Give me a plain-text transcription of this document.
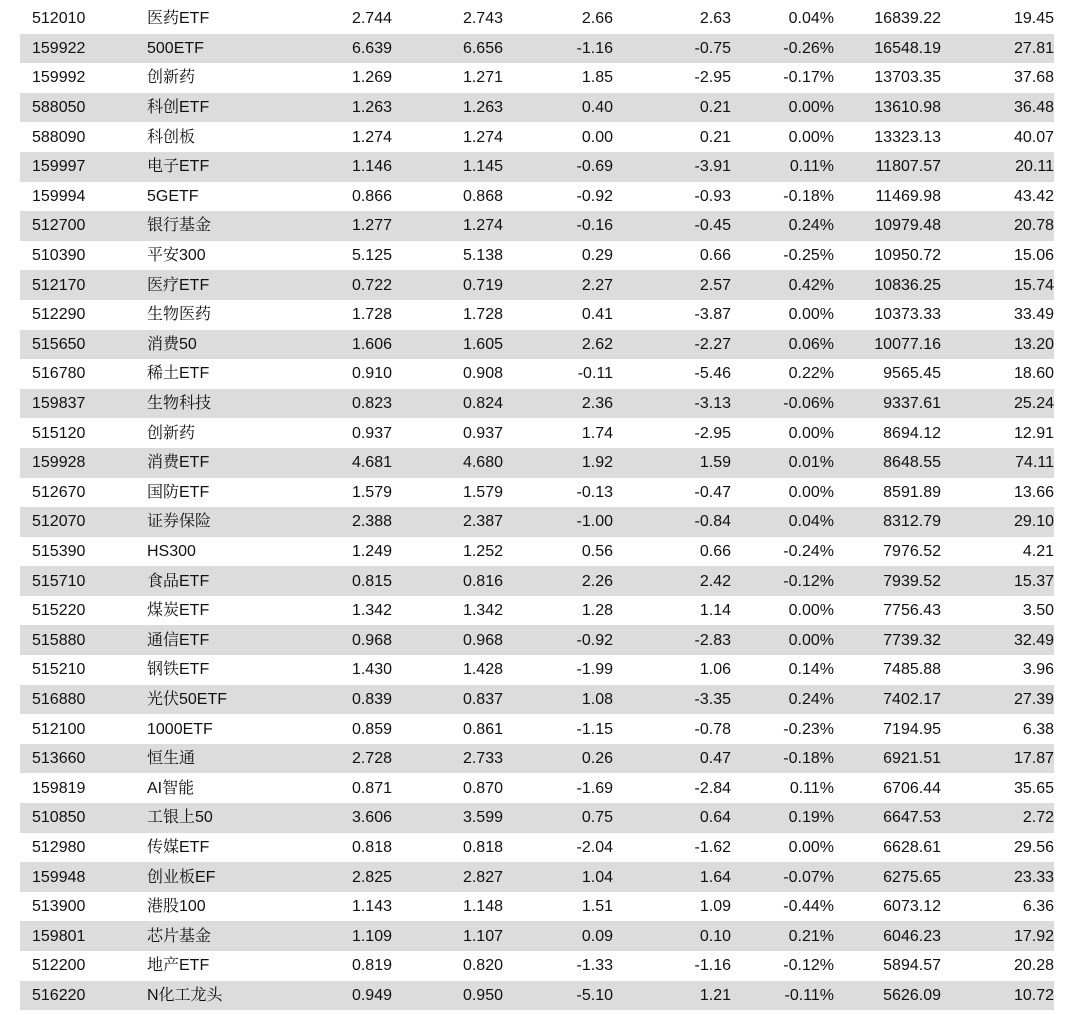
512010	医药ETF	2.744	2.743	2.66	2.63	0.04%	16839.22	19.45
159922	500ETF	6.639	6.656	-1.16	-0.75	-0.26%	16548.19	27.81
159992	创新药	1.269	1.271	1.85	-2.95	-0.17%	13703.35	37.68
588050	科创ETF	1.263	1.263	0.40	0.21	0.00%	13610.98	36.48
588090	科创板	1.274	1.274	0.00	0.21	0.00%	13323.13	40.07
159997	电子ETF	1.146	1.145	-0.69	-3.91	0.11%	11807.57	20.11
159994	5GETF	0.866	0.868	-0.92	-0.93	-0.18%	11469.98	43.42
512700	银行基金	1.277	1.274	-0.16	-0.45	0.24%	10979.48	20.78
510390	平安300	5.125	5.138	0.29	0.66	-0.25%	10950.72	15.06
512170	医疗ETF	0.722	0.719	2.27	2.57	0.42%	10836.25	15.74
512290	生物医药	1.728	1.728	0.41	-3.87	0.00%	10373.33	33.49
515650	消费50	1.606	1.605	2.62	-2.27	0.06%	10077.16	13.20
516780	稀土ETF	0.910	0.908	-0.11	-5.46	0.22%	9565.45	18.60
159837	生物科技	0.823	0.824	2.36	-3.13	-0.06%	9337.61	25.24
515120	创新药	0.937	0.937	1.74	-2.95	0.00%	8694.12	12.91
159928	消费ETF	4.681	4.680	1.92	1.59	0.01%	8648.55	74.11
512670	国防ETF	1.579	1.579	-0.13	-0.47	0.00%	8591.89	13.66
512070	证券保险	2.388	2.387	-1.00	-0.84	0.04%	8312.79	29.10
515390	HS300	1.249	1.252	0.56	0.66	-0.24%	7976.52	4.21
515710	食品ETF	0.815	0.816	2.26	2.42	-0.12%	7939.52	15.37
515220	煤炭ETF	1.342	1.342	1.28	1.14	0.00%	7756.43	3.50
515880	通信ETF	0.968	0.968	-0.92	-2.83	0.00%	7739.32	32.49
515210	钢铁ETF	1.430	1.428	-1.99	1.06	0.14%	7485.88	3.96
516880	光伏50ETF	0.839	0.837	1.08	-3.35	0.24%	7402.17	27.39
512100	1000ETF	0.859	0.861	-1.15	-0.78	-0.23%	7194.95	6.38
513660	恒生通	2.728	2.733	0.26	0.47	-0.18%	6921.51	17.87
159819	AI智能	0.871	0.870	-1.69	-2.84	0.11%	6706.44	35.65
510850	工银上50	3.606	3.599	0.75	0.64	0.19%	6647.53	2.72
512980	传媒ETF	0.818	0.818	-2.04	-1.62	0.00%	6628.61	29.56
159948	创业板EF	2.825	2.827	1.04	1.64	-0.07%	6275.65	23.33
513900	港股100	1.143	1.148	1.51	1.09	-0.44%	6073.12	6.36
159801	芯片基金	1.109	1.107	0.09	0.10	0.21%	6046.23	17.92
512200	地产ETF	0.819	0.820	-1.33	-1.16	-0.12%	5894.57	20.28
516220	N化工龙头	0.949	0.950	-5.10	1.21	-0.11%	5626.09	10.72
